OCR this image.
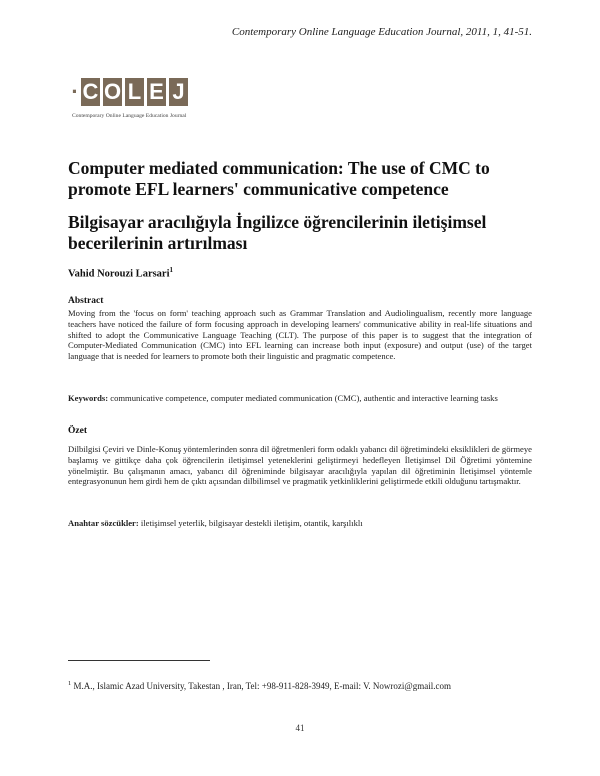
Contemporary Online Language Education Journal, 2011, 1, 41-51.
· C O L E J
Contemporary Online Language Education Journal
Computer mediated communication: The use of CMC to promote EFL learners' communicative competence
Bilgisayar aracılığıyla İngilizce öğrencilerinin iletişimsel becerilerinin artırılması
Vahid Norouzi Larsari$^1$
Abstract
Moving from the 'focus on form' teaching approach such as Grammar Translation and Audiolingualism, recently more language teachers have noticed the failure of form focusing approach in developing learners' communicative ability in real-life situations and shifted to adopt the Communicative Language Teaching (CLT). The purpose of this paper is to suggest that the integration of Computer-Mediated Communication (CMC) into EFL learning can increase both input (exposure) and output (use) of the target language that is needed for learners to promote both their linguistic and pragmatic competence.
Keywords: communicative competence, computer mediated communication (CMC), authentic and interactive learning tasks
Özet
Dilbilgisi Çeviri ve Dinle-Konuş yöntemlerinden sonra dil öğretmenleri form odaklı yabancı dil öğretimindeki eksiklikleri de görmeye başlamış ve gittikçe daha çok öğrencilerin iletişimsel yeteneklerini geliştirmeyi hedefleyen İletişimsel Dil Öğretimi yöntemine yönelmiştir. Bu çalışmanın amacı, yabancı dil öğreniminde bilgisayar aracılığıyla yapılan dil öğretiminin İletişimsel yöntemle entegrasyonunun hem girdi hem de çıktı açısından dilbilimsel ve pragmatik yetkinliklerini geliştirmede etkili olduğunu tartışmaktır.
Anahtar sözcükler: iletişimsel yeterlik, bilgisayar destekli iletişim, otantik, karşılıklı
$^1$ M.A., Islamic Azad University, Takestan , Iran, Tel: +98-911-828-3949, E-mail: V. Nowrozi@gmail.com
41
